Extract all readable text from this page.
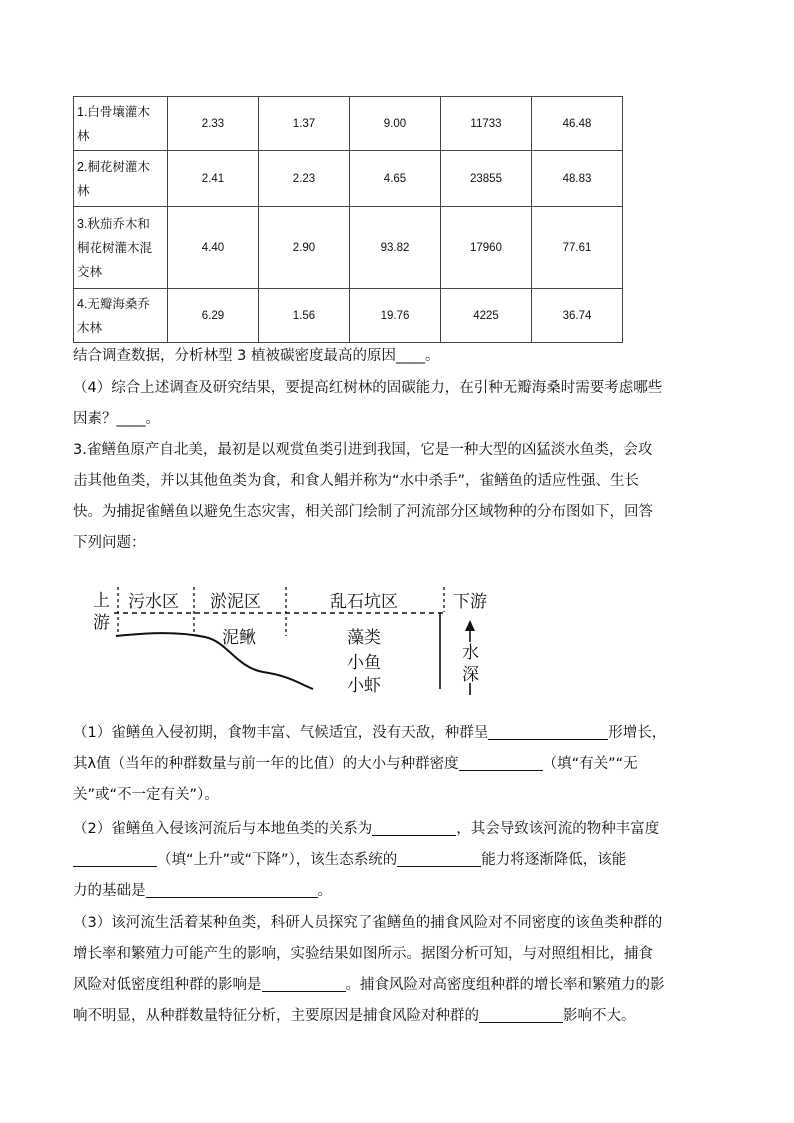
1.白骨壤灌木
林	2.33	1.37	9.00	11733	46.48

2.桐花树灌木
林	2.41	2.23	4.65	23855	48.83

3.秋茄乔木和
桐花树灌木混
交林	4.40	2.90	93.82	17960	77.61

4.无瓣海桑乔
木林	6.29	1.56	19.76	4225	36.74

结合调查数据，分析林型 3 植被碳密度最高的原因____。

（4）综合上述调查及研究结果，要提高红树林的固碳能力，在引种无瓣海桑时需要考虑哪些

因素？____。

3.雀鳝鱼原产自北美，最初是以观赏鱼类引进到我国，它是一种大型的凶猛淡水鱼类，会攻

击其他鱼类，并以其他鱼类为食，和食人鲳并称为“水中杀手”，雀鳝鱼的适应性强、生长

快。为捕捉雀鳝鱼以避免生态灾害，相关部门绘制了河流部分区域物种的分布图如下，回答

下列问题：

上
游
污水区 淤泥区	乱石坑区	下游
泥鳅	藻类
小鱼
小虾
水
深

（1）雀鳝鱼入侵初期，食物丰富、气候适宜，没有天敌，种群呈	形增长，

其λ值（当年的种群数量与前一年的比值）的大小与种群密度	（填“有关”“无

关”或“不一定有关”）。

（2）雀鳝鱼入侵该河流后与本地鱼类的关系为	，其会导致该河流的物种丰富度

（填“上升”或“下降”），该生态系统的	能力将逐渐降低，该能

力的基础是	。

（3）该河流生活着某种鱼类，科研人员探究了雀鳝鱼的捕食风险对不同密度的该鱼类种群的

增长率和繁殖力可能产生的影响，实验结果如图所示。据图分析可知，与对照组相比，捕食

风险对低密度组种群的影响是	。捕食风险对高密度组种群的增长率和繁殖力的影

响不明显，从种群数量特征分析，主要原因是捕食风险对种群的	影响不大。
